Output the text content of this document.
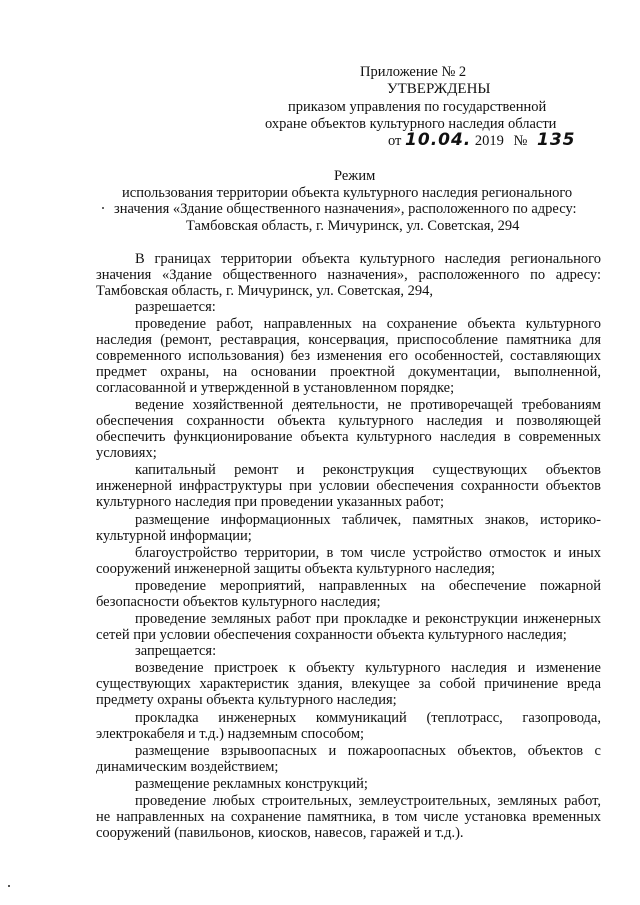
Приложение № 2
УТВЕРЖДЕНЫ
приказом управления по государственной
охране объектов культурного наследия области
от 10.04. 2019 № 135
Режим
использования территории объекта культурного наследия регионального
значения «Здание общественного назначения», расположенного по адресу:
Тамбовская область, г. Мичуринск, ул. Советская, 294
В границах территории объекта культурного наследия регионального
значения «Здание общественного назначения», расположенного по адресу:
Тамбовская область, г. Мичуринск, ул. Советская, 294,
разрешается:
проведение работ, направленных на сохранение объекта культурного
наследия (ремонт, реставрация, консервация, приспособление памятника для
современного использования) без изменения его особенностей, составляющих
предмет охраны, на основании проектной документации, выполненной,
согласованной и утвержденной в установленном порядке;
ведение хозяйственной деятельности, не противоречащей требованиям
обеспечения сохранности объекта культурного наследия и позволяющей
обеспечить функционирование объекта культурного наследия в современных
условиях;
капитальный ремонт и реконструкция существующих объектов
инженерной инфраструктуры при условии обеспечения сохранности объектов
культурного наследия при проведении указанных работ;
размещение информационных табличек, памятных знаков, историко-
культурной информации;
благоустройство территории, в том числе устройство отмосток и иных
сооружений инженерной защиты объекта культурного наследия;
проведение мероприятий, направленных на обеспечение пожарной
безопасности объектов культурного наследия;
проведение земляных работ при прокладке и реконструкции инженерных
сетей при условии обеспечения сохранности объекта культурного наследия;
запрещается:
возведение пристроек к объекту культурного наследия и изменение
существующих характеристик здания, влекущее за собой причинение вреда
предмету охраны объекта культурного наследия;
прокладка инженерных коммуникаций (теплотрасс, газопровода,
электрокабеля и т.д.) надземным способом;
размещение взрывоопасных и пожароопасных объектов, объектов с
динамическим воздействием;
размещение рекламных конструкций;
проведение любых строительных, землеустроительных, земляных работ,
не направленных на сохранение памятника, в том числе установка временных
сооружений (павильонов, киосков, навесов, гаражей и т.д.).
